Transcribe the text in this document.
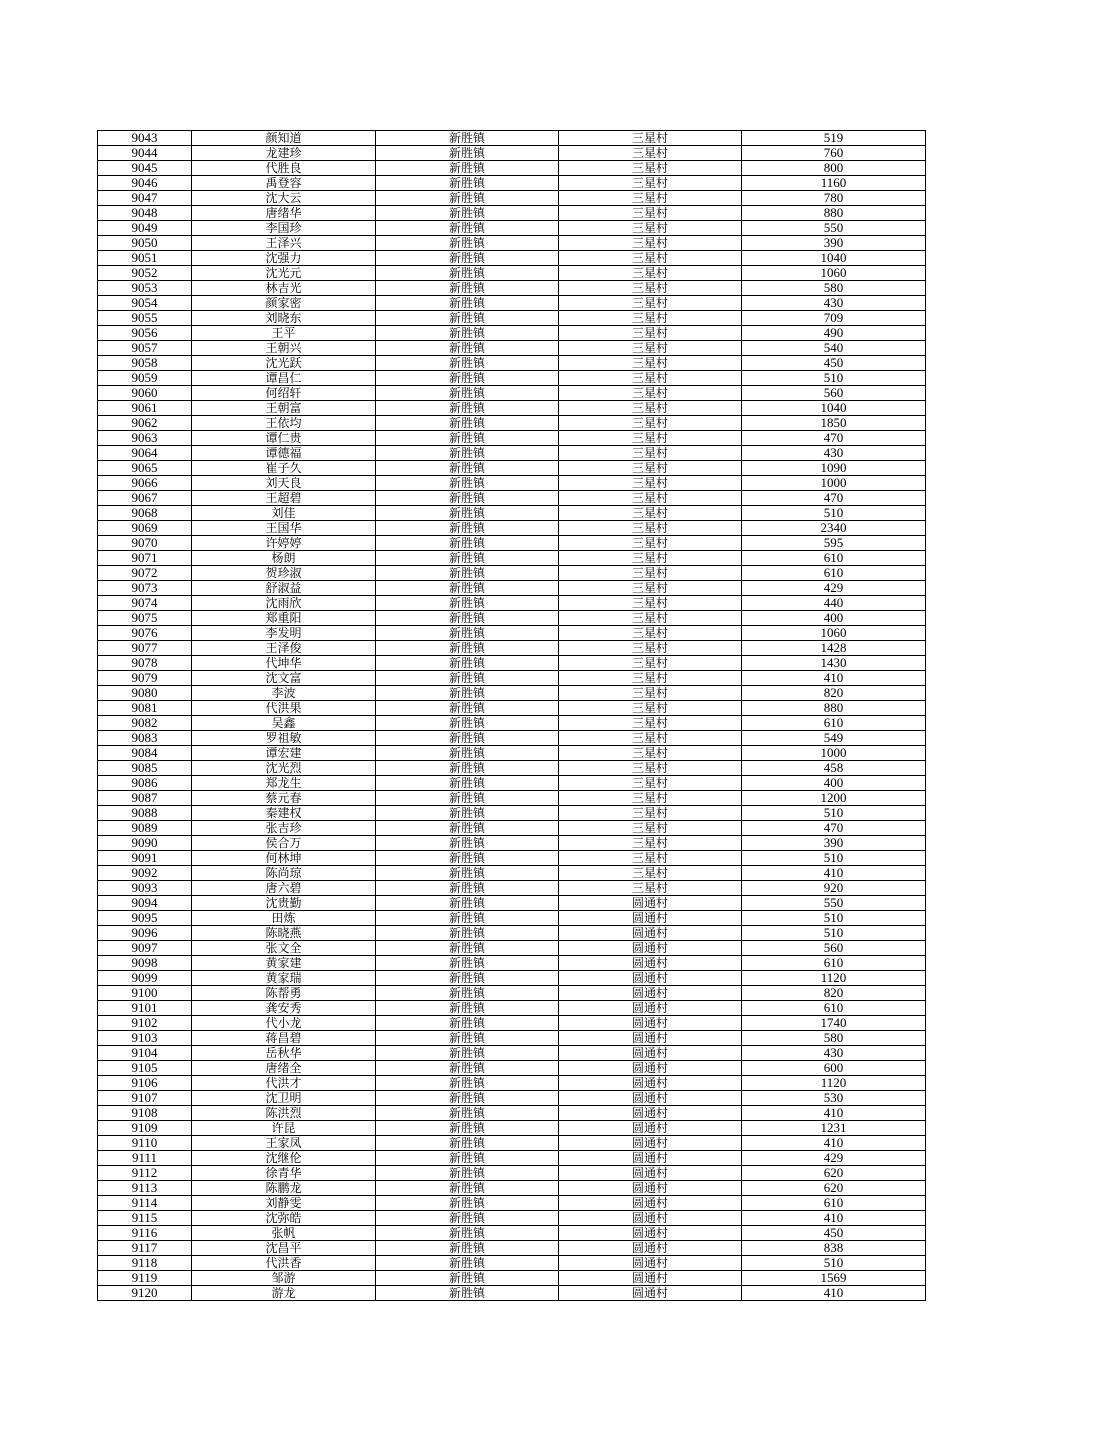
9043	颜知道	新胜镇	三星村	519
9044	龙建珍	新胜镇	三星村	760
9045	代胜良	新胜镇	三星村	800
9046	禹登容	新胜镇	三星村	1160
9047	沈大云	新胜镇	三星村	780
9048	唐绪华	新胜镇	三星村	880
9049	李国珍	新胜镇	三星村	550
9050	王泽兴	新胜镇	三星村	390
9051	沈强力	新胜镇	三星村	1040
9052	沈光元	新胜镇	三星村	1060
9053	林吉光	新胜镇	三星村	580
9054	颜家密	新胜镇	三星村	430
9055	刘晓东	新胜镇	三星村	709
9056	王平	新胜镇	三星村	490
9057	王朝兴	新胜镇	三星村	540
9058	沈光跃	新胜镇	三星村	450
9059	谭昌仁	新胜镇	三星村	510
9060	何绍轩	新胜镇	三星村	560
9061	王朝富	新胜镇	三星村	1040
9062	王依均	新胜镇	三星村	1850
9063	谭仁贵	新胜镇	三星村	470
9064	谭德福	新胜镇	三星村	430
9065	崔子久	新胜镇	三星村	1090
9066	刘天良	新胜镇	三星村	1000
9067	王超碧	新胜镇	三星村	470
9068	刘佳	新胜镇	三星村	510
9069	王国华	新胜镇	三星村	2340
9070	许婷婷	新胜镇	三星村	595
9071	杨朗	新胜镇	三星村	610
9072	贺珍淑	新胜镇	三星村	610
9073	舒淑益	新胜镇	三星村	429
9074	沈雨欣	新胜镇	三星村	440
9075	郑重阳	新胜镇	三星村	400
9076	李发明	新胜镇	三星村	1060
9077	王泽俊	新胜镇	三星村	1428
9078	代坤华	新胜镇	三星村	1430
9079	沈文富	新胜镇	三星村	410
9080	李波	新胜镇	三星村	820
9081	代洪果	新胜镇	三星村	880
9082	吴鑫	新胜镇	三星村	610
9083	罗祖敏	新胜镇	三星村	549
9084	谭宏建	新胜镇	三星村	1000
9085	沈光烈	新胜镇	三星村	458
9086	郑龙生	新胜镇	三星村	400
9087	蔡元春	新胜镇	三星村	1200
9088	秦建权	新胜镇	三星村	510
9089	张吉珍	新胜镇	三星村	470
9090	侯合万	新胜镇	三星村	390
9091	何林坤	新胜镇	三星村	510
9092	陈尚琼	新胜镇	三星村	410
9093	唐六碧	新胜镇	三星村	920
9094	沈贵勤	新胜镇	圆通村	550
9095	田炼	新胜镇	圆通村	510
9096	陈晓燕	新胜镇	圆通村	510
9097	张文全	新胜镇	圆通村	560
9098	黄家建	新胜镇	圆通村	610
9099	黄家瑞	新胜镇	圆通村	1120
9100	陈帮勇	新胜镇	圆通村	820
9101	龚安秀	新胜镇	圆通村	610
9102	代小龙	新胜镇	圆通村	1740
9103	蒋昌碧	新胜镇	圆通村	580
9104	岳秋华	新胜镇	圆通村	430
9105	唐绪全	新胜镇	圆通村	600
9106	代洪才	新胜镇	圆通村	1120
9107	沈卫明	新胜镇	圆通村	530
9108	陈洪烈	新胜镇	圆通村	410
9109	许昆	新胜镇	圆通村	1231
9110	王家凤	新胜镇	圆通村	410
9111	沈继伦	新胜镇	圆通村	429
9112	徐青华	新胜镇	圆通村	620
9113	陈鹏龙	新胜镇	圆通村	620
9114	刘静雯	新胜镇	圆通村	610
9115	沈弥皓	新胜镇	圆通村	410
9116	张帆	新胜镇	圆通村	450
9117	沈昌平	新胜镇	圆通村	838
9118	代洪香	新胜镇	圆通村	510
9119	邹游	新胜镇	圆通村	1569
9120	游龙	新胜镇	圆通村	410
